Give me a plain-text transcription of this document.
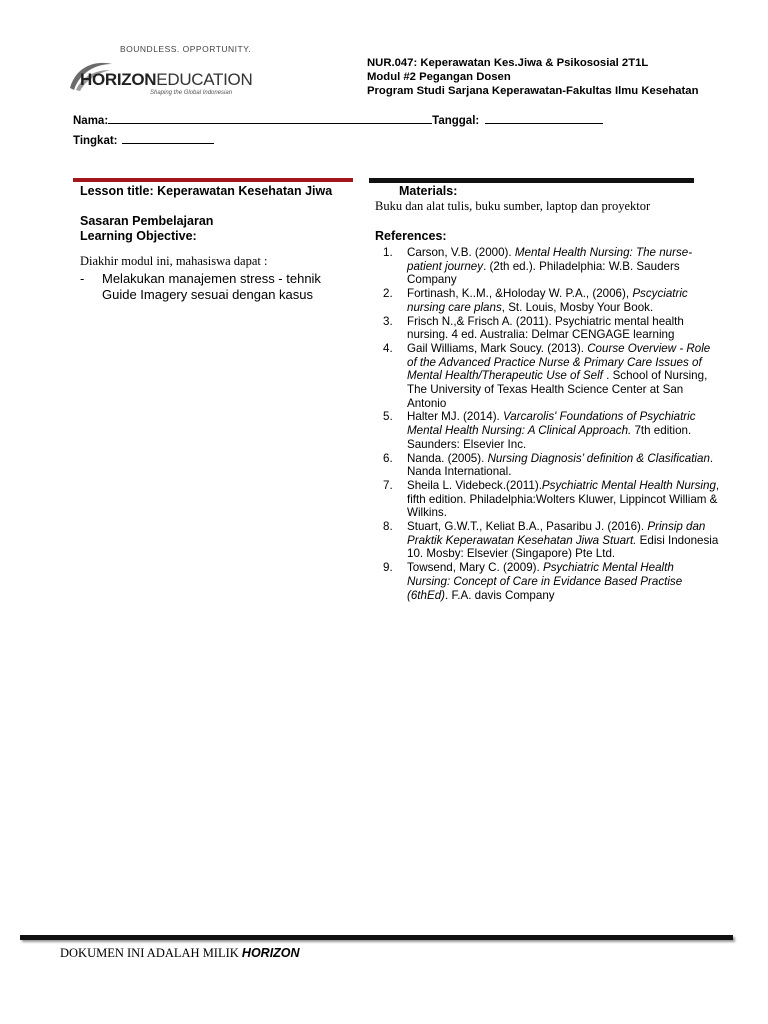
BOUNDLESS. OPPORTUNITY.
HORIZONEDUCATION
Shaping the Global Indonesian
NUR.047: Keperawatan Kes.Jiwa & Psikososial 2T1L
Modul #2 Pegangan Dosen
Program Studi Sarjana Keperawatan-Fakultas Ilmu Kesehatan
Nama:	Tanggal:
Tingkat:
Lesson title: Keperawatan Kesehatan Jiwa
Sasaran Pembelajaran
Learning Objective:
Diakhir modul ini, mahasiswa dapat :
-	Melakukan manajemen stress - tehnik Guide Imagery sesuai dengan kasus
Materials:
Buku dan alat tulis, buku sumber, laptop dan proyektor
References:
1.	Carson, V.B. (2000). Mental Health Nursing: The nurse-patient journey. (2th ed.). Philadelphia: W.B. Sauders Company
2.	Fortinash, K..M., &Holoday W. P.A., (2006), Pscyciatric nursing care plans, St. Louis, Mosby Your Book.
3.	Frisch N.,& Frisch A. (2011). Psychiatric mental health nursing. 4 ed. Australia: Delmar CENGAGE learning
4.	Gail Williams, Mark Soucy. (2013). Course Overview - Role of the Advanced Practice Nurse & Primary Care Issues of Mental Health/Therapeutic Use of Self . School of Nursing, The University of Texas Health Science Center at San Antonio
5.	Halter MJ. (2014). Varcarolis' Foundations of Psychiatric Mental Health Nursing: A Clinical Approach. 7th edition. Saunders: Elsevier Inc.
6.	Nanda. (2005). Nursing Diagnosis’ definition & Clasificatian. Nanda International.
7.	Sheila L. Videbeck.(2011).Psychiatric Mental Health Nursing, fifth edition. Philadelphia:Wolters Kluwer, Lippincot William & Wilkins.
8.	Stuart, G.W.T., Keliat B.A., Pasaribu J. (2016). Prinsip dan Praktik Keperawatan Kesehatan Jiwa Stuart. Edisi Indonesia 10. Mosby: Elsevier (Singapore) Pte Ltd.
9.	Towsend, Mary C. (2009). Psychiatric Mental Health Nursing: Concept of Care in Evidance Based Practise (6thEd). F.A. davis Company
DOKUMEN INI ADALAH MILIK HORIZON
